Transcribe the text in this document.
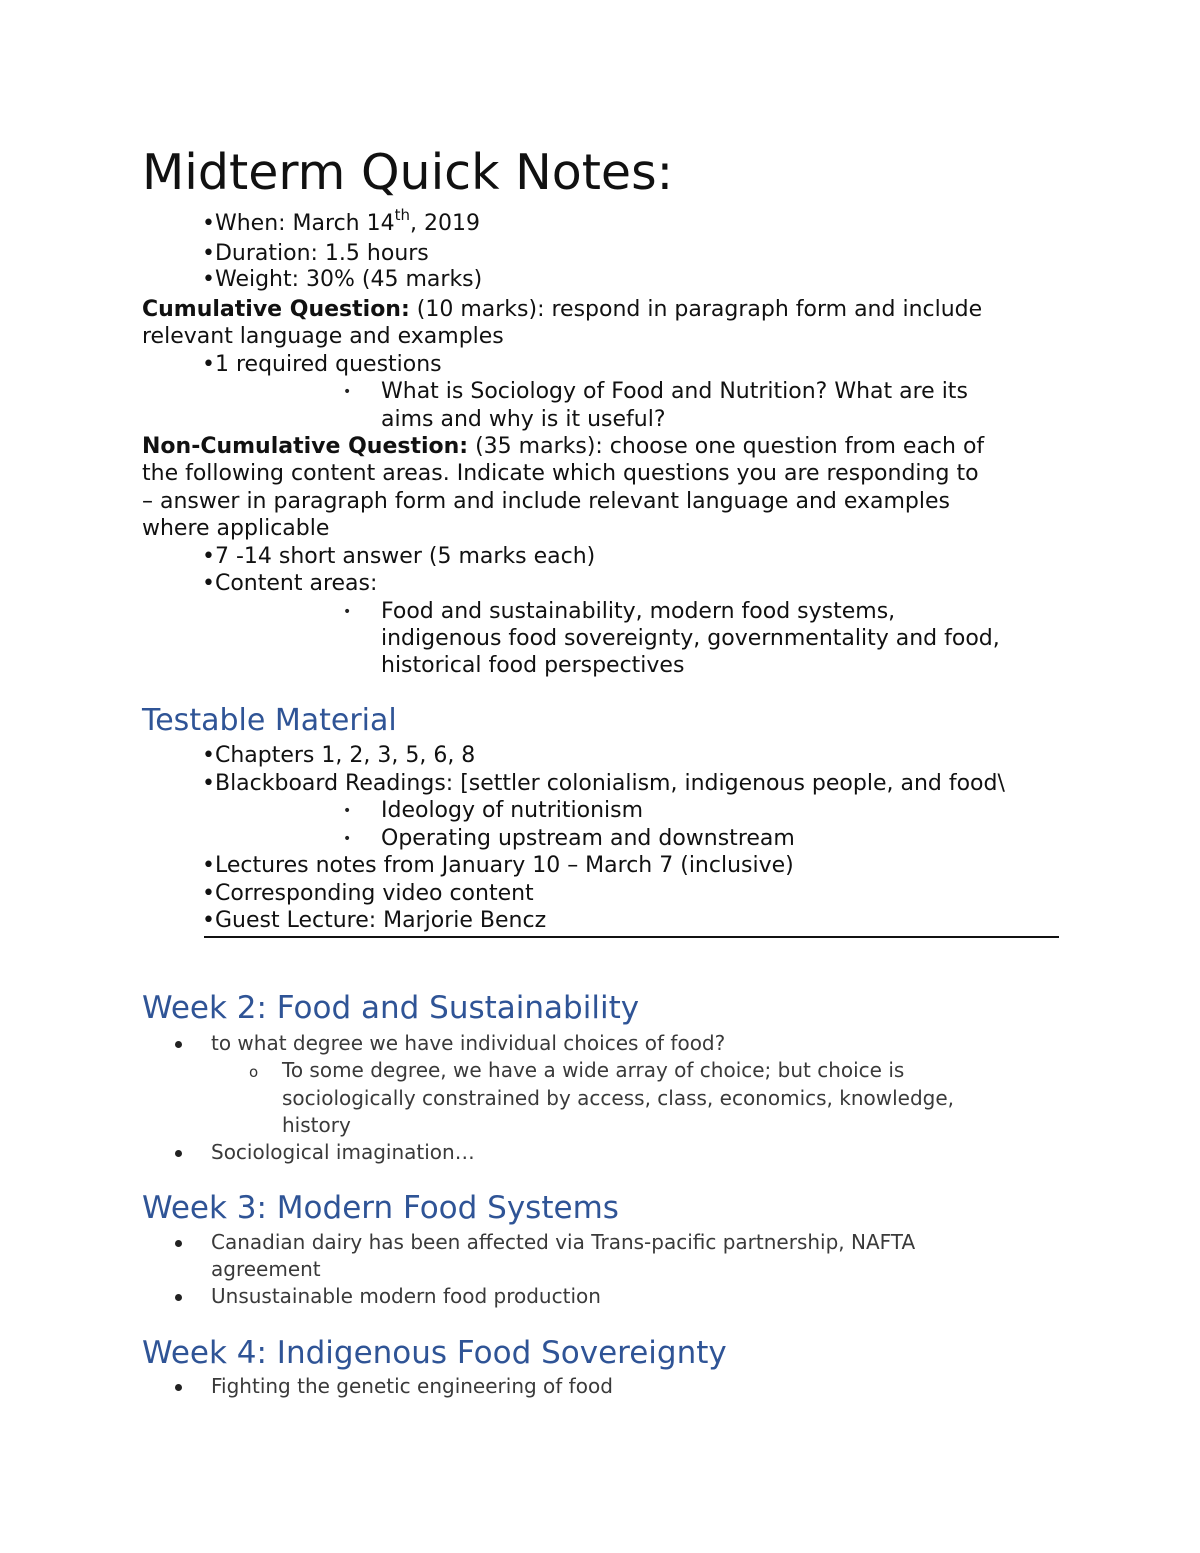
Midterm Quick Notes:
•When: March 14th, 2019
•Duration: 1.5 hours
•Weight: 30% (45 marks)
Cumulative Question: (10 marks): respond in paragraph form and include
relevant language and examples
•1 required questions
• What is Sociology of Food and Nutrition? What are its
aims and why is it useful?
Non-Cumulative Question: (35 marks): choose one question from each of
the following content areas. Indicate which questions you are responding to
– answer in paragraph form and include relevant language and examples
where applicable
•7 -14 short answer (5 marks each)
•Content areas:
• Food and sustainability, modern food systems,
indigenous food sovereignty, governmentality and food,
historical food perspectives
Testable Material
•Chapters 1, 2, 3, 5, 6, 8
•Blackboard Readings: [settler colonialism, indigenous people, and food\
• Ideology of nutritionism
• Operating upstream and downstream
•Lectures notes from January 10 – March 7 (inclusive)
•Corresponding video content
•Guest Lecture: Marjorie Bencz
Week 2: Food and Sustainability
to what degree we have individual choices of food?
o To some degree, we have a wide array of choice; but choice is
sociologically constrained by access, class, economics, knowledge,
history
Sociological imagination…
Week 3: Modern Food Systems
Canadian dairy has been affected via Trans-pacific partnership, NAFTA
agreement
Unsustainable modern food production
Week 4: Indigenous Food Sovereignty
Fighting the genetic engineering of food
